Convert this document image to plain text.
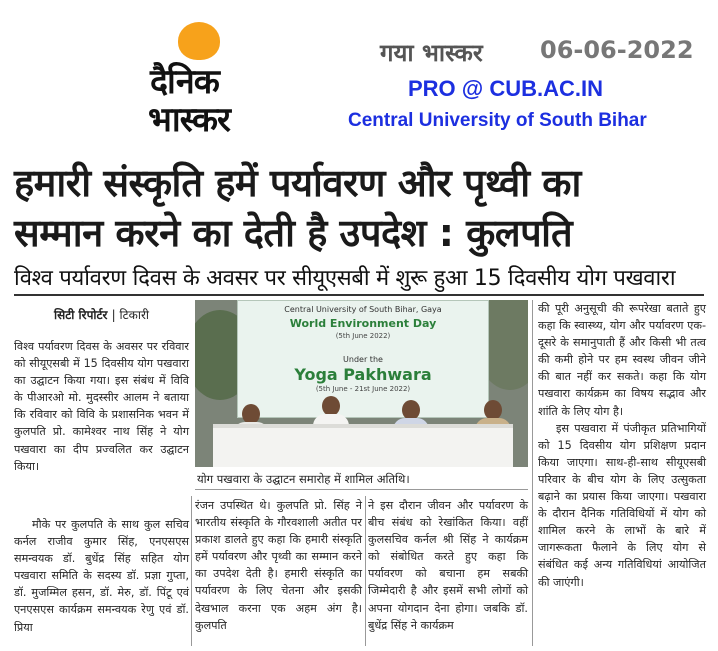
दैनिक
भास्कर
गया भास्कर 06-06-2022
PRO @ CUB.AC.IN
Central University of South Bihar
हमारी संस्कृति हमें पर्यावरण और पृथ्वी का
सम्मान करने का देती है उपदेश : कुलपति
विश्व पर्यावरण दिवस के अवसर पर सीयूएसबी में शुरू हुआ 15 दिवसीय योग पखवारा
सिटी रिपोर्टर | टिकारी	Central University of South Bihar, Gaya
World Environment Day
(5th June 2022)
Under the
Yoga Pakhwara
(5th June - 21st June 2022)
योग पखवारा के उद्घाटन समारोह में शामिल अतिथि।

विश्व पर्यावरण दिवस के अवसर पर रविवार को सीयूएसबी में 15 दिवसीय योग पखवारा का उद्घाटन किया गया। इस संबंध में विवि के पीआरओ मो. मुदस्सीर आलम ने बताया कि रविवार को विवि के प्रशासनिक भवन में कुलपति प्रो. कामेश्वर नाथ सिंह ने योग पखवारा का दीप प्रज्वलित कर उद्घाटन किया।

मौके पर कुलपति के साथ कुल सचिव कर्नल राजीव कुमार सिंह, एनएसएस समन्वयक डॉ. बुधेंद्र सिंह सहित योग पखवारा समिति के सदस्य डॉ. प्रज्ञा गुप्ता, डॉ. मुजम्मिल हसन, डॉ. मेरु, डॉ. पिंटू एवं एनएसएस कार्यक्रम समन्वयक रेणु एवं डॉ. प्रिया

रंजन उपस्थित थे। कुलपति प्रो. सिंह ने भारतीय संस्कृति के गौरवशाली अतीत पर प्रकाश डालते हुए कहा कि हमारी संस्कृति हमें पर्यावरण और पृथ्वी का सम्मान करने का उपदेश देती है। हमारी संस्कृति का पर्यावरण के लिए चेतना और इसकी देखभाल करना एक अहम अंग है। कुलपति
ने इस दौरान जीवन और पर्यावरण के बीच संबंध को रेखांकित किया। वहीं कुलसचिव कर्नल श्री सिंह ने कार्यक्रम को संबोधित करते हुए कहा कि पर्यावरण को बचाना हम सबकी जिम्मेदारी है और इसमें सभी लोगों को अपना योगदान देना होगा। जबकि डॉ. बुधेंद्र सिंह ने कार्यक्रम

की पूरी अनुसूची की रूपरेखा बताते हुए कहा कि स्वास्थ्य, योग और पर्यावरण एक-दूसरे के समानुपाती हैं और किसी भी तत्व की कमी होने पर हम स्वस्थ जीवन जीने की बात नहीं कर सकते। कहा कि योग पखवारा कार्यक्रम का विषय सद्भाव और शांति के लिए योग है।

इस पखवारा में पंजीकृत प्रतिभागियों को 15 दिवसीय योग प्रशिक्षण प्रदान किया जाएगा। साथ-ही-साथ सीयूएसबी परिवार के बीच योग के लिए उत्सुकता बढ़ाने का प्रयास किया जाएगा। पखवारा के दौरान दैनिक गतिविधियों में योग को शामिल करने के लाभों के बारे में जागरूकता फैलाने के लिए योग से संबंधित कई अन्य गतिविधियां आयोजित की जाएंगी।
